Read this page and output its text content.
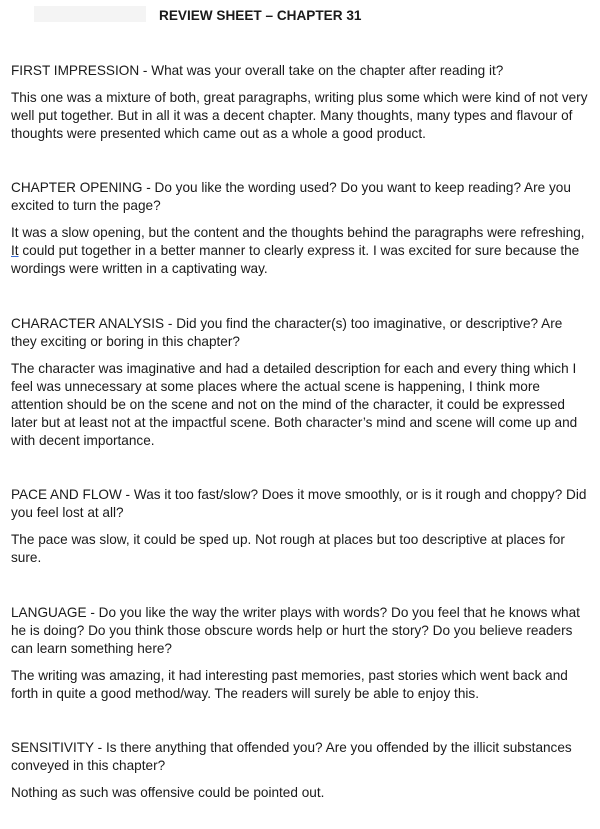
REVIEW SHEET – CHAPTER 31

FIRST IMPRESSION - What was your overall take on the chapter after reading it?

This one was a mixture of both, great paragraphs, writing plus some which were kind of not very well put together. But in all it was a decent chapter. Many thoughts, many types and flavour of thoughts were presented which came out as a whole a good product.

CHAPTER OPENING - Do you like the wording used? Do you want to keep reading? Are you excited to turn the page?

It was a slow opening, but the content and the thoughts behind the paragraphs were refreshing, It could put together in a better manner to clearly express it. I was excited for sure because the wordings were written in a captivating way.

CHARACTER ANALYSIS - Did you find the character(s) too imaginative, or descriptive? Are they exciting or boring in this chapter?

The character was imaginative and had a detailed description for each and every thing which I feel was unnecessary at some places where the actual scene is happening, I think more attention should be on the scene and not on the mind of the character, it could be expressed later but at least not at the impactful scene. Both character’s mind and scene will come up and with decent importance.

PACE AND FLOW - Was it too fast/slow? Does it move smoothly, or is it rough and choppy? Did you feel lost at all?

The pace was slow, it could be sped up. Not rough at places but too descriptive at places for sure.

LANGUAGE - Do you like the way the writer plays with words? Do you feel that he knows what he is doing? Do you think those obscure words help or hurt the story? Do you believe readers can learn something here?

The writing was amazing, it had interesting past memories, past stories which went back and forth in quite a good method/way. The readers will surely be able to enjoy this.

SENSITIVITY - Is there anything that offended you? Are you offended by the illicit substances conveyed in this chapter?

Nothing as such was offensive could be pointed out.
